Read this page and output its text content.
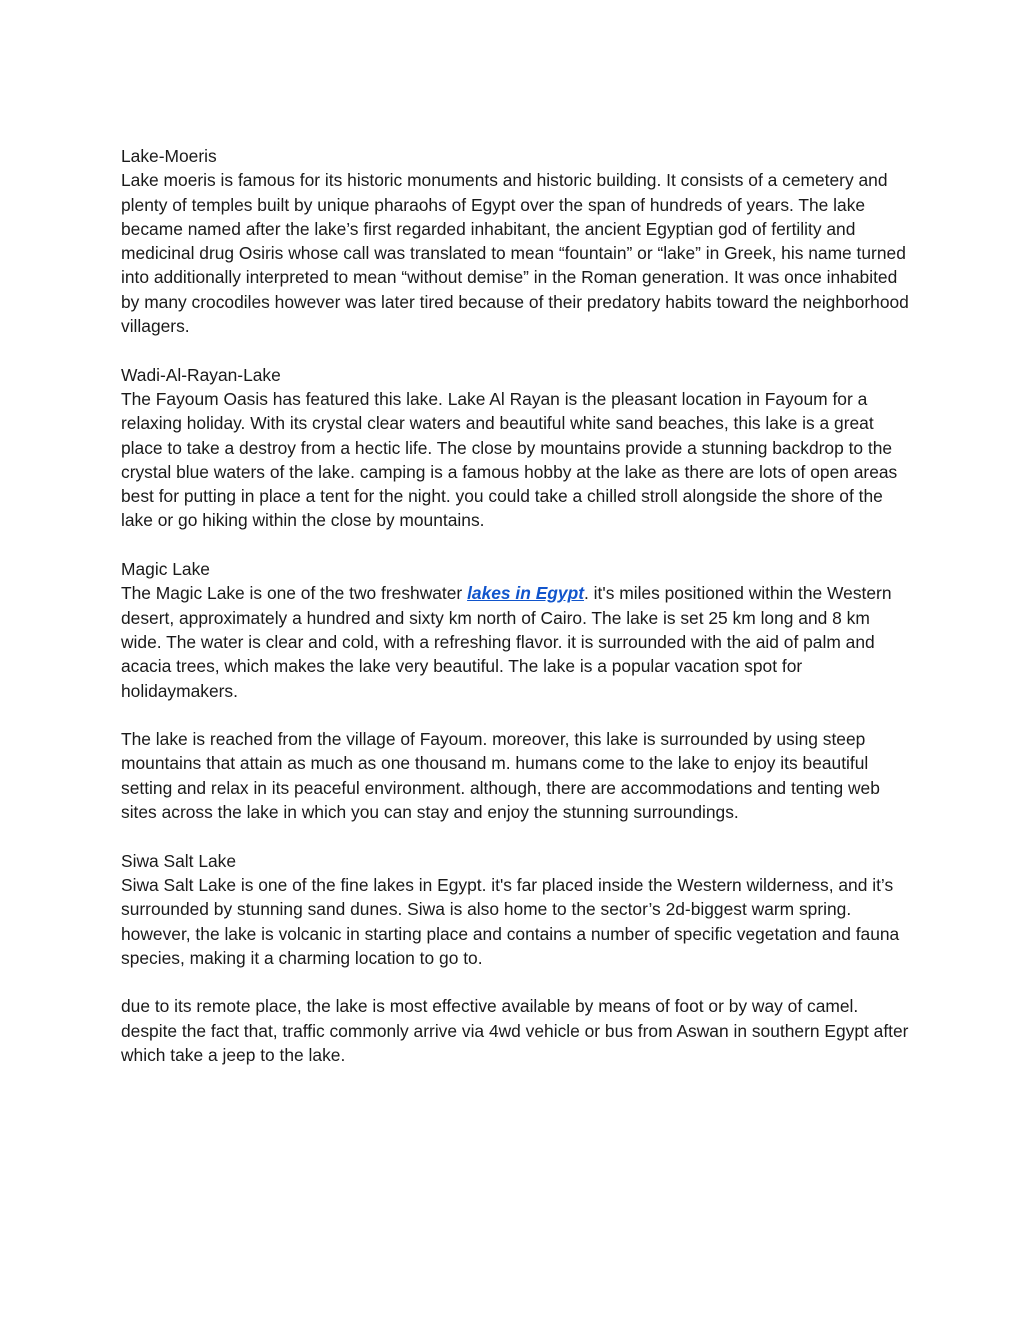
Lake-Moeris

Lake moeris is famous for its historic monuments and historic building. It consists of a cemetery and plenty of temples built by unique pharaohs of Egypt over the span of hundreds of years. The lake became named after the lake’s first regarded inhabitant, the ancient Egyptian god of fertility and medicinal drug Osiris whose call was translated to mean “fountain” or “lake” in Greek, his name turned into additionally interpreted to mean “without demise” in the Roman generation. It was once inhabited by many crocodiles however was later tired because of their predatory habits toward the neighborhood villagers.

Wadi-Al-Rayan-Lake

The Fayoum Oasis has featured this lake. Lake Al Rayan is the pleasant location in Fayoum for a relaxing holiday. With its crystal clear waters and beautiful white sand beaches, this lake is a great place to take a destroy from a hectic life. The close by mountains provide a stunning backdrop to the crystal blue waters of the lake. camping is a famous hobby at the lake as there are lots of open areas best for putting in place a tent for the night. you could take a chilled stroll alongside the shore of the lake or go hiking within the close by mountains.

Magic Lake

The Magic Lake is one of the two freshwater lakes in Egypt. it's miles positioned within the Western desert, approximately a hundred and sixty km north of Cairo. The lake is set 25 km long and 8 km wide. The water is clear and cold, with a refreshing flavor. it is surrounded with the aid of palm and acacia trees, which makes the lake very beautiful. The lake is a popular vacation spot for holidaymakers.

The lake is reached from the village of Fayoum. moreover, this lake is surrounded by using steep mountains that attain as much as one thousand m. humans come to the lake to enjoy its beautiful setting and relax in its peaceful environment. although, there are accommodations and tenting web sites across the lake in which you can stay and enjoy the stunning surroundings.

Siwa Salt Lake

Siwa Salt Lake is one of the fine lakes in Egypt. it's far placed inside the Western wilderness, and it’s surrounded by stunning sand dunes. Siwa is also home to the sector’s 2d-biggest warm spring. however, the lake is volcanic in starting place and contains a number of specific vegetation and fauna species, making it a charming location to go to.

due to its remote place, the lake is most effective available by means of foot or by way of camel. despite the fact that, traffic commonly arrive via 4wd vehicle or bus from Aswan in southern Egypt after which take a jeep to the lake.
